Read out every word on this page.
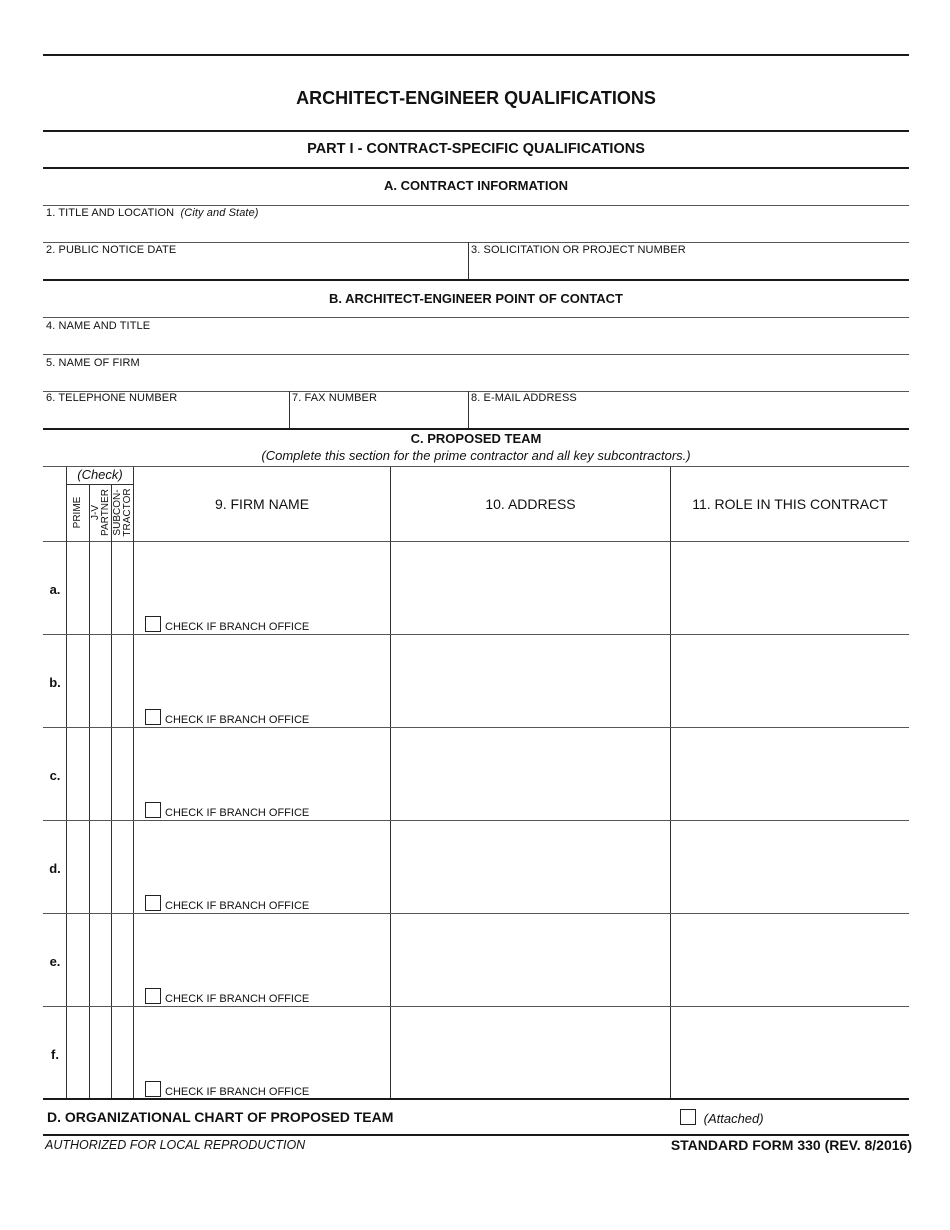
ARCHITECT-ENGINEER QUALIFICATIONS
PART I - CONTRACT-SPECIFIC QUALIFICATIONS
A. CONTRACT INFORMATION
1. TITLE AND LOCATION (City and State)
2. PUBLIC NOTICE DATE	3. SOLICITATION OR PROJECT NUMBER
B. ARCHITECT-ENGINEER POINT OF CONTACT
4. NAME AND TITLE
5. NAME OF FIRM
6. TELEPHONE NUMBER	7. FAX NUMBER	8. E-MAIL ADDRESS
C. PROPOSED TEAM
(Complete this section for the prime contractor and all key subcontractors.)
(Check)
PRIME J-V PARTNER SUBCON- TRACTOR	9. FIRM NAME	10. ADDRESS	11. ROLE IN THIS CONTRACT
a.
CHECK IF BRANCH OFFICE
b.
CHECK IF BRANCH OFFICE
c.
CHECK IF BRANCH OFFICE
d.
CHECK IF BRANCH OFFICE
e.
CHECK IF BRANCH OFFICE
f.
CHECK IF BRANCH OFFICE
D. ORGANIZATIONAL CHART OF PROPOSED TEAM	(Attached)
AUTHORIZED FOR LOCAL REPRODUCTION	STANDARD FORM 330 (REV. 8/2016)
